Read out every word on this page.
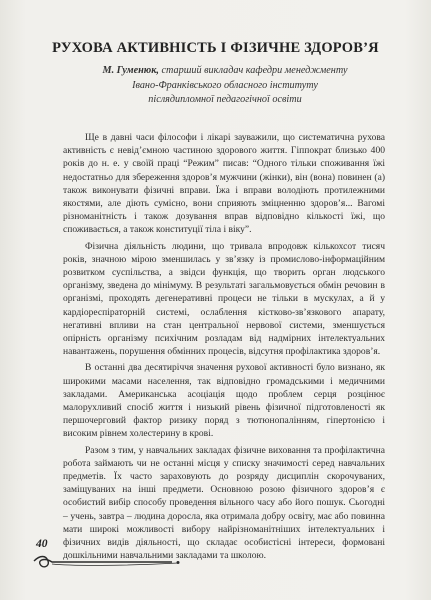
РУХОВА АКТИВНІСТЬ І ФІЗИЧНЕ ЗДОРОВ’Я
М. Гуменюк, старший викладач кафедри менеджменту
Івано-Франківського обласного інституту
післядипломної педагогічної освіти

Ще в давні часи філософи і лікарі зауважили, що систематична рухова активність є невід’ємною частиною здорового життя. Гіппократ близько 400 років до н. е. у своїй праці “Режим” писав: “Одного тільки споживання їжі недостатньо для збереження здоров’я мужчини (жінки), він (вона) повинен (а) також виконувати фізичні вправи. Їжа і вправи володіють протилежними якостями, але діють сумісно, вони сприяють зміцненню здоров’я... Вагомі різноманітність і також дозування вправ відповідно кількості їжі, що споживається, а також конституції тіла і віку”.

Фізична діяльність людини, що тривала впродовж кількохсот тисяч років, значною мірою зменшилась у зв’язку із промислово-інформаційним розвитком суспільства, а звідси функція, що творить орган людського організму, зведена до мінімуму. В результаті загальмовується обмін речовин в організмі, проходять дегенеративні процеси не тільки в мускулах, а й у кардіореспіраторній системі, ослаблення кістково-зв’язкового апарату, негативні впливи на стан центральної нервової системи, зменшується опірність організму психічним розладам від надмірних інтелектуальних навантажень, порушення обмінних процесів, відсутня профілактика здоров’я.

В останні два десятиріччя значення рухової активності було визнано, як широкими масами населення, так відповідно громадськими і медичними закладами. Американська асоціація щодо проблем серця розцінює малорухливий спосіб життя і низький рівень фізичної підготовленості як першочерговий фактор ризику поряд з тютюнопалінням, гіпертонією і високим рівнем холестерину в крові.

Разом з тим, у навчальних закладах фізичне виховання та профілактична робота займають чи не останні місця у списку значимості серед навчальних предметів. Їх часто зараховують до розряду дисциплін скорочуваних, заміщуваних на інші предмети. Основною розою фізичного здоров’я є особистий вибір способу проведення вільного часу або його пошук. Сьогодні – учень, завтра – людина доросла, яка отримала добру освіту, має або повинна мати широкі можливості вибору найрізноманітніших інтелектуальних і фізичних видів діяльності, що складає особистісні інтереси, формовані дошкільними навчальними закладами та школою.

40
